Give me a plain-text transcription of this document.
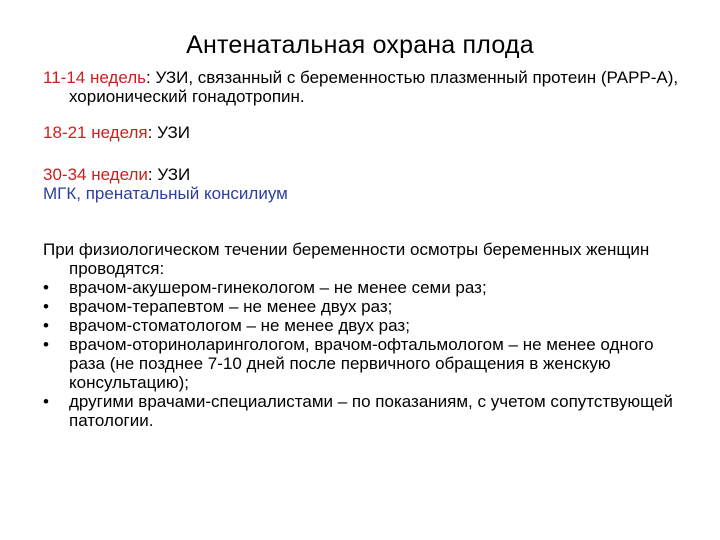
Антенатальная охрана плода

11-14 недель: УЗИ, связанный с беременностью плазменный протеин (РАРР-А), хорионический гонадотропин.

18-21 неделя: УЗИ

30-34 недели: УЗИ

МГК, пренатальный консилиум

При физиологическом течении беременности осмотры беременных женщин проводятся:

•	врачом-акушером-гинекологом – не менее семи раз;
•	врачом-терапевтом – не менее двух раз;
•	врачом-стоматологом – не менее двух раз;
•	врачом-оториноларингологом, врачом-офтальмологом – не менее одного раза (не позднее 7-10 дней после первичного обращения в женскую консультацию);
•	другими врачами-специалистами – по показаниям, с учетом сопутствующей патологии.
